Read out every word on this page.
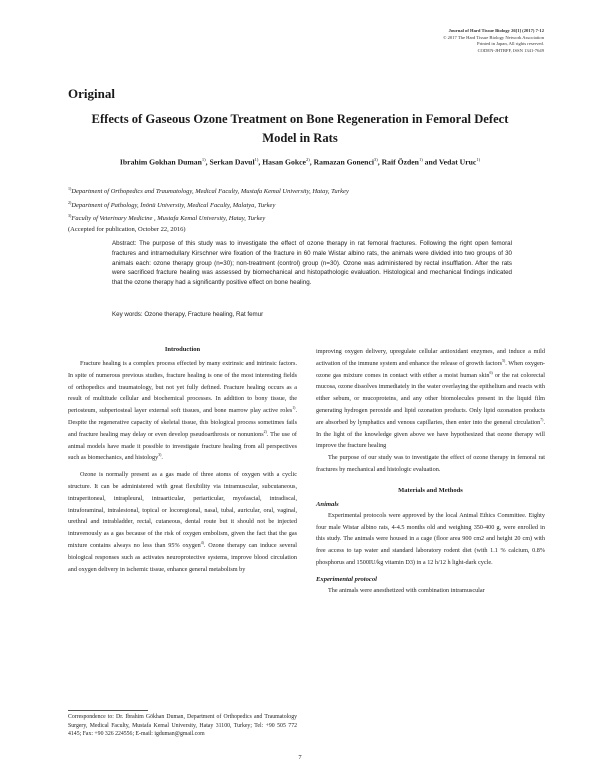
Journal of Hard Tissue Biology 26[1] (2017) 7-12
© 2017 The Hard Tissue Biology Network Association
Printed in Japan, All rights reserved.
CODEN-JHTBFF, ISSN 1341-7649
Original
Effects of Gaseous Ozone Treatment on Bone Regeneration in Femoral Defect Model in Rats
Ibrahim Gokhan Duman$^{1)}$, Serkan Davul$^{1)}$, Hasan Gokce$^{2)}$, Ramazan Gonenci$^{3)}$, Raif Özden$^{1)}$ and Vedat Uruc$^{1)}$
$^{1)}$Department of Orthopedics and Traumatology, Medical Faculty, Mustafa Kemal University, Hatay, Turkey
$^{2)}$Department of Pathology, İnönü University, Medical Faculty, Malatya, Turkey
$^{3)}$Faculty of Veterinary Medicine , Mustafa Kemal University, Hatay, Turkey
(Accepted for publication, October 22, 2016)
Abstract: The purpose of this study was to investigate the effect of ozone therapy in rat femoral fractures. Following the right open femoral fractures and intramedullary Kirschner wire fixation of the fracture in 60 male Wistar albino rats, the animals were divided into two groups of 30 animals each: ozone therapy group (n=30); non-treatment (control) group (n=30). Ozone was administered by rectal insufflation. After the rats were sacrificed fracture healing was assessed by biomechanical and histopathologic evaluation. Histological and mechanical findings indicated that the ozone therapy had a significantly positive effect on bone healing.
Key words: Ozone therapy, Fracture healing, Rat femur
Introduction

Fracture healing is a complex process effected by many extrinsic and intrinsic factors. In spite of numerous previous studies, fracture healing is one of the most interesting fields of orthopedics and traumatology, but not yet fully defined. Fracture healing occurs as a result of multitude cellular and biochemical processes. In addition to bony tissue, the periosteum, subperiosteal layer external soft tissues, and bone marrow play active roles$^{1)}$. Despite the regenerative capacity of skeletal tissue, this biological process sometimes fails and fracture healing may delay or even develop pseudoarthrosis or nonunions$^{2)}$. The use of animal models have made it possible to investigate fracture healing from all perspectives such as biomechanics, and histology$^{3)}$.

Ozone is normally present as a gas made of three atoms of oxygen with a cyclic structure. It can be administered with great flexibility via intramuscular, subcutaneous, intraperitoneal, intrapleural, intraarticular, periarticular, myofascial, intradiscal, intraforaminal, intralesional, topical or locoregional, nasal, tubal, auricular, oral, vaginal, urethral and intrabladder, rectal, cutaneous, dental route but it should not be injected intravenously as a gas because of the risk of oxygen embolism, given the fact that the gas mixture contains always no less than 95% oxygen$^{4)}$. Ozone therapy can induce several biological responses such as activates neuroprotective systems, improve blood circulation and oxygen delivery in ischemic tissue, enhance general metabolism by

improving oxygen delivery, upregulate cellular antioxidant enzymes, and induce a mild activation of the immune system and enhance the release of growth factors$^{5)}$. When oxygen-ozone gas mixture comes in contact with either a moist human skin$^{6)}$ or the rat colorectal mucosa, ozone dissolves immediately in the water overlaying the epithelium and reacts with either sebum, or mucoproteins, and any other biomolecules present in the liquid film generating hydrogen peroxide and lipid ozonation products. Only lipid ozonation products are absorbed by lymphatics and venous capillaries, then enter into the general circulation$^{7)}$. In the light of the knowledge given above we have hypothesized that ozone therapy will improve the fracture healing

The purpose of our study was to investigate the effect of ozone therapy in femoral rat fractures by mechanical and histologic evaluation.

Materials and Methods
Animals

Experimental protocols were approved by the local Animal Ethics Committee. Eighty four male Wistar albino rats, 4-4.5 months old and weighing 350-400 g, were enrolled in this study. The animals were housed in a cage (floor area 900 cm2 and height 20 cm) with free access to tap water and standard laboratory rodent diet (with 1.1 % calcium, 0.8% phosphorus and 1500IU/kg vitamin D3) in a 12 h/12 h light-dark cycle.

Experimental protocol

The animals were anesthetized with combination intramuscular

Correspondence to: Dr. Ibrahim Gökhan Duman, Department of Orthopedics and Traumatology Surgery, Medical Faculty, Mustafa Kemal University, Hatay 31100, Turkey; Tel: +90 505 772 4145; Fax: +90 326 224556; E-mail: igduman@gmail.com
7
